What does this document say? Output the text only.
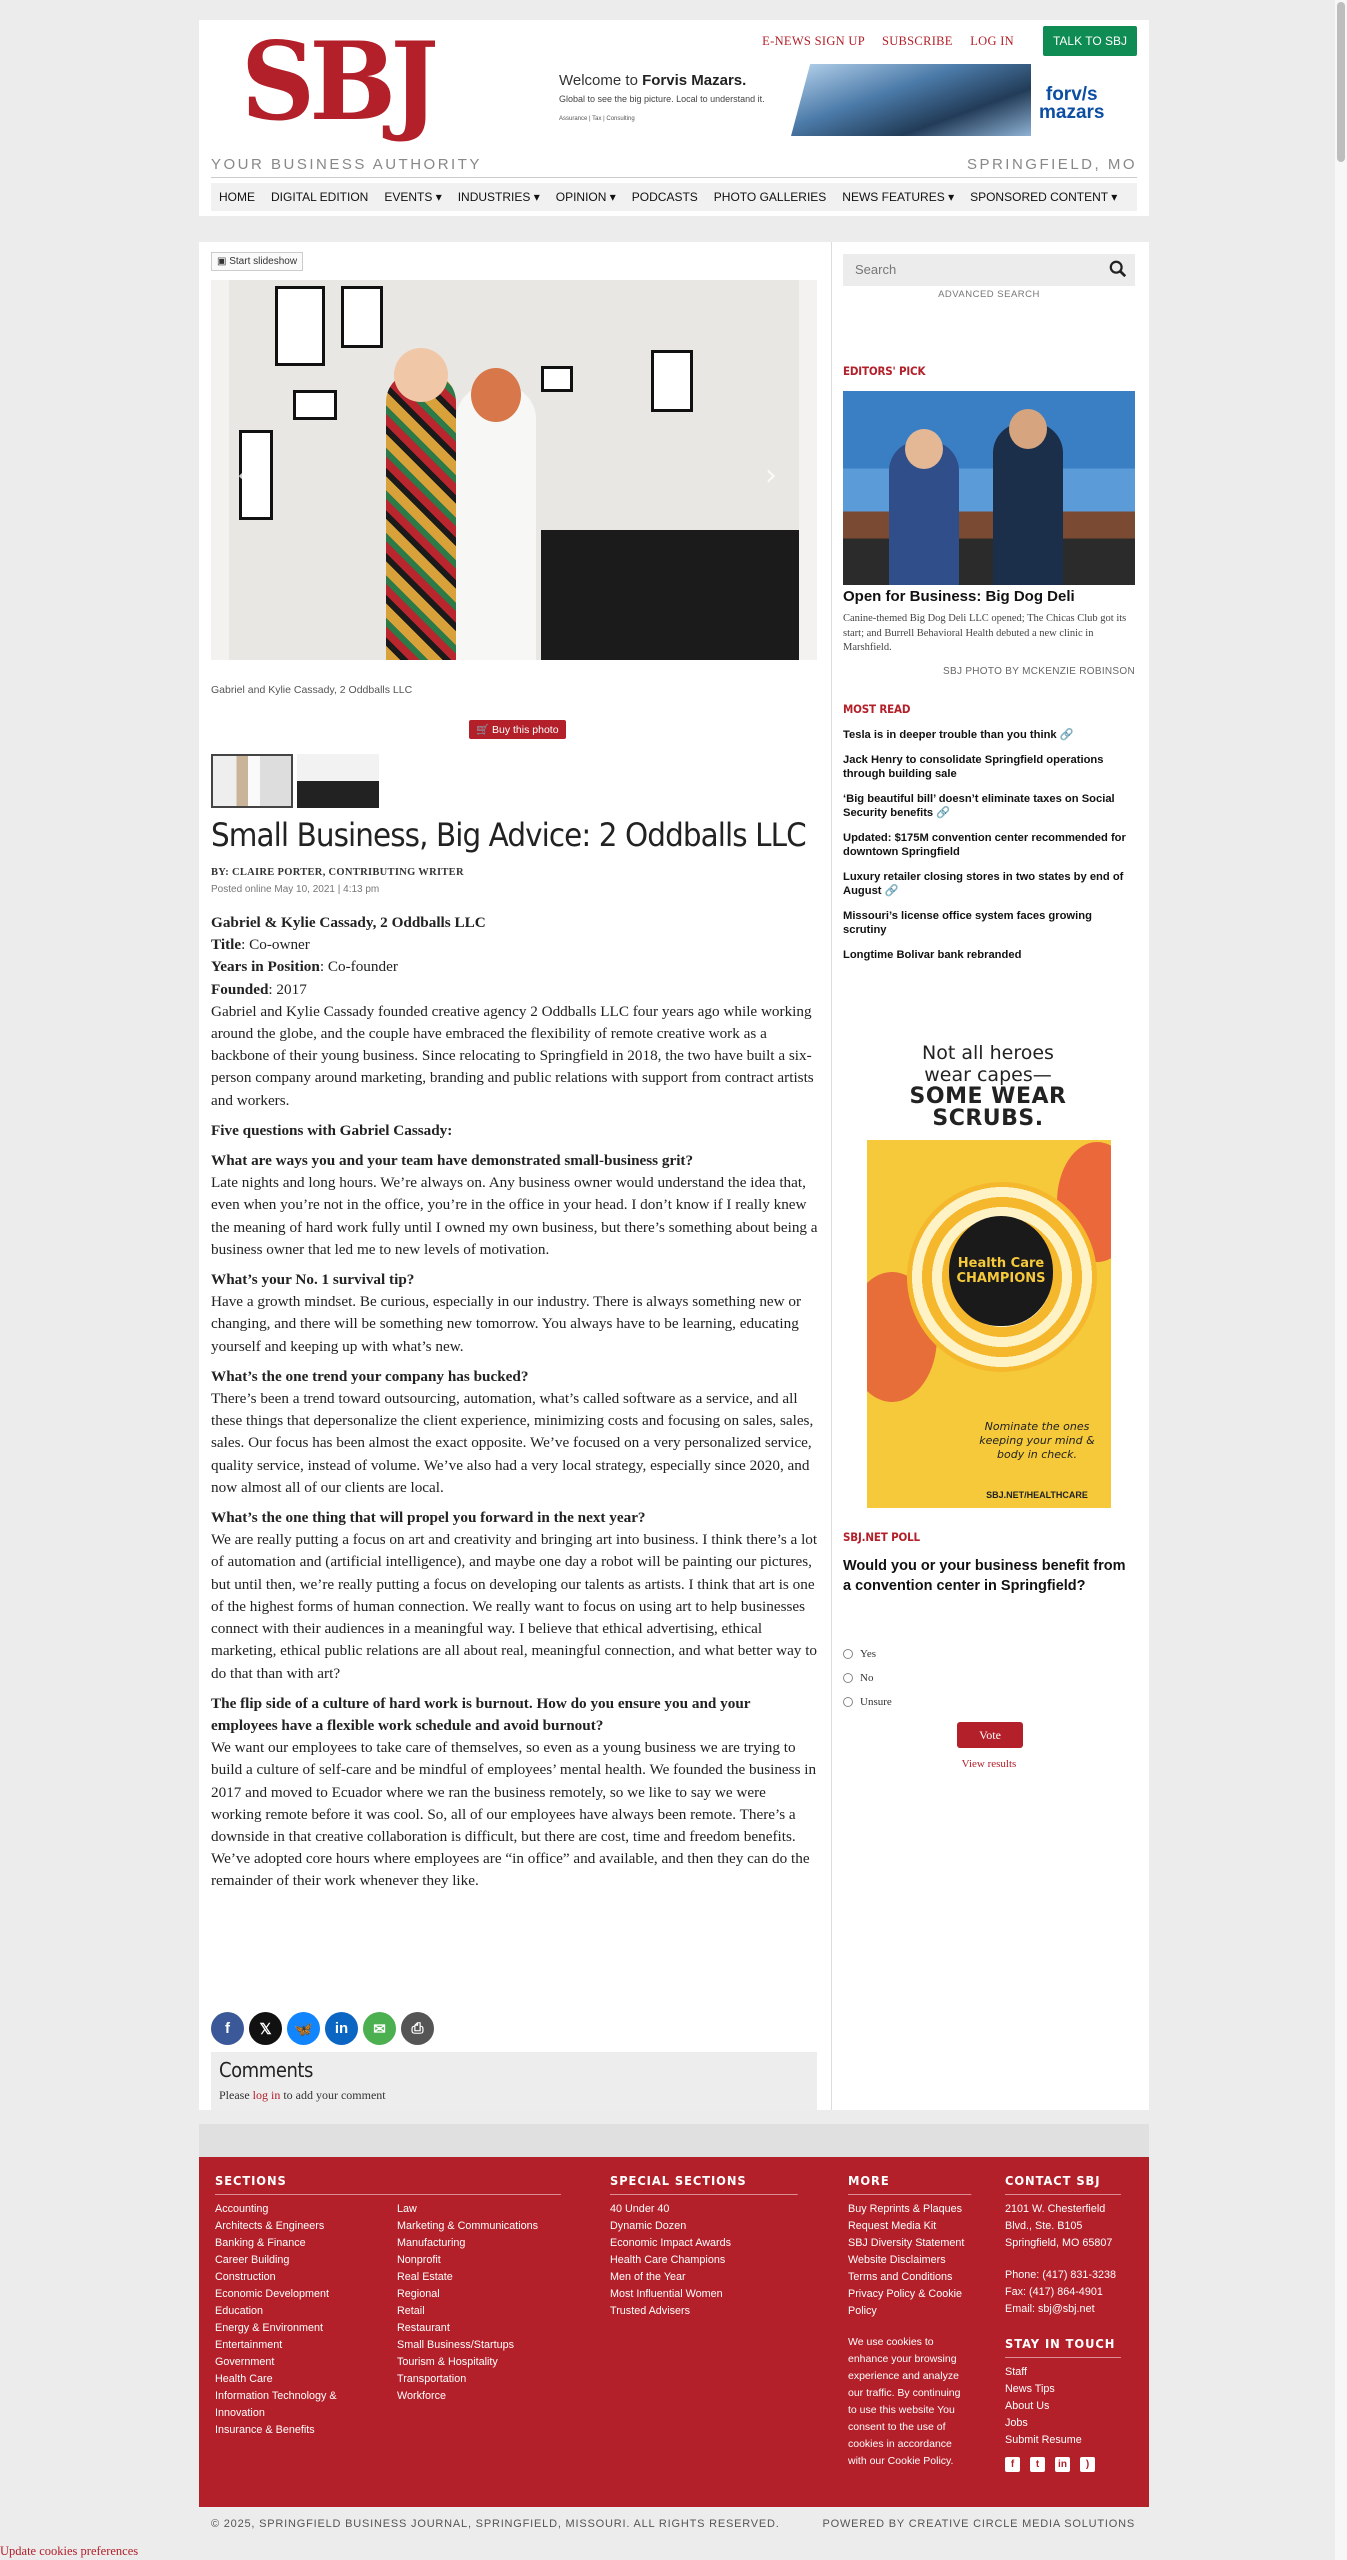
SBJ	E-NEWS SIGN UP SUBSCRIBE LOG IN	TALK TO SBJ
Welcome to Forvis Mazars.
Global to see the big picture. Local to understand it.
Assurance | Tax | Consulting
forv/s
mazars
YOUR BUSINESS AUTHORITY	SPRINGFIELD, MO
HOME	DIGITAL EDITION	EVENTS ▾	INDUSTRIES ▾	OPINION ▾	PODCASTS	PHOTO GALLERIES	NEWS FEATURES ▾	SPONSORED CONTENT ▾
▣ Start slideshow
‹	›
SBJ PHOTO BY MCKENZIE ROBINSON
Gabriel and Kylie Cassady, 2 Oddballs LLC
🛒 Buy this photo
Small Business, Big Advice: 2 Oddballs LLC
BY: CLAIRE PORTER, CONTRIBUTING WRITER
Posted online May 10, 2021 | 4:13 pm

Gabriel & Kylie Cassady, 2 Oddballs LLC
Title: Co-owner
Years in Position: Co-founder
Founded: 2017

Gabriel and Kylie Cassady founded creative agency 2 Oddballs LLC four years ago while working around the globe, and the couple have embraced the flexibility of remote creative work as a backbone of their young business. Since relocating to Springfield in 2018, the two have built a six-person company around marketing, branding and public relations with support from contract artists and workers.

Five questions with Gabriel Cassady:

What are ways you and your team have demonstrated small-business grit?
Late nights and long hours. We’re always on. Any business owner would understand the idea that, even when you’re not in the office, you’re in the office in your head. I don’t know if I really knew the meaning of hard work fully until I owned my own business, but there’s something about being a business owner that led me to new levels of motivation.

What’s your No. 1 survival tip?
Have a growth mindset. Be curious, especially in our industry. There is always something new or changing, and there will be something new tomorrow. You always have to be learning, educating yourself and keeping up with what’s new.

What’s the one trend your company has bucked?
There’s been a trend toward outsourcing, automation, what’s called software as a service, and all these things that depersonalize the client experience, minimizing costs and focusing on sales, sales, sales. Our focus has been almost the exact opposite. We’ve focused on a very personalized service, quality service, instead of volume. We’ve also had a very local strategy, especially since 2020, and now almost all of our clients are local.

What’s the one thing that will propel you forward in the next year?
We are really putting a focus on art and creativity and bringing art into business. I think there’s a lot of automation and (artificial intelligence), and maybe one day a robot will be painting our pictures, but until then, we’re really putting a focus on developing our talents as artists. I think that art is one of the highest forms of human connection. We really want to focus on using art to help businesses connect with their audiences in a meaningful way. I believe that ethical advertising, ethical marketing, ethical public relations are all about real, meaningful connection, and what better way to do that than with art?

The flip side of a culture of hard work is burnout. How do you ensure you and your employees have a flexible work schedule and avoid burnout?
We want our employees to take care of themselves, so even as a young business we are trying to build a culture of self-care and be mindful of employees’ mental health. We founded the business in 2017 and moved to Ecuador where we ran the business remotely, so we like to say we were working remote before it was cool. So, all of our employees have always been remote. There’s a downside in that creative collaboration is difficult, but there are cost, time and freedom benefits. We’ve adopted core hours where employees are “in office” and available, and then they can do the remainder of their work whenever they like.

f	𝕏	🦋	in	✉	⎙
Comments

Please log in to add your comment

Search
ADVANCED SEARCH
EDITORS' PICK
Open for Business: Big Dog Deli
Canine-themed Big Dog Deli LLC opened; The Chicas Club got its start; and Burrell Behavioral Health debuted a new clinic in Marshfield.
MOST READ
Tesla is in deeper trouble than you think 🔗
Jack Henry to consolidate Springfield operations through building sale
‘Big beautiful bill’ doesn’t eliminate taxes on Social Security benefits 🔗
Updated: $175M convention center recommended for downtown Springfield
Luxury retailer closing stores in two states by end of August 🔗
Missouri’s license office system faces growing scrutiny
Longtime Bolivar bank rebranded
Not all heroes
wear capes—
SOME WEAR
SCRUBS.
Health Care
CHAMPIONS
Nominate the ones keeping your mind & body in check.
SBJ.NET/HEALTHCARE
SBJ.NET POLL
Would you or your business benefit from a convention center in Springfield?
Yes
No
Unsure
Vote
View results
SECTIONS
Accounting
Architects & Engineers
Banking & Finance
Career Building
Construction
Economic Development
Education
Energy & Environment
Entertainment
Government
Health Care
Information Technology & Innovation
Insurance & Benefits
Law
Marketing & Communications
Manufacturing
Nonprofit
Real Estate
Regional
Retail
Restaurant
Small Business/Startups
Tourism & Hospitality
Transportation
Workforce
SPECIAL SECTIONS
40 Under 40
Dynamic Dozen
Economic Impact Awards
Health Care Champions
Men of the Year
Most Influential Women
Trusted Advisers
MORE
Buy Reprints & Plaques
Request Media Kit
SBJ Diversity Statement
Website Disclaimers
Terms and Conditions
Privacy Policy & Cookie Policy
We use cookies to enhance your browsing experience and analyze our traffic. By continuing to use this website You consent to the use of cookies in accordance with our Cookie Policy.
CONTACT SBJ
2101 W. Chesterfield Blvd., Ste. B105
Springfield, MO 65807
Phone: (417) 831-3238
Fax: (417) 864-4901
Email: sbj@sbj.net
STAY IN TOUCH
Staff
News Tips
About Us
Jobs
Submit Resume
f	t	in	)
© 2025, SPRINGFIELD BUSINESS JOURNAL, SPRINGFIELD, MISSOURI. ALL RIGHTS RESERVED.	POWERED BY CREATIVE CIRCLE MEDIA SOLUTIONS
Update cookies preferences
